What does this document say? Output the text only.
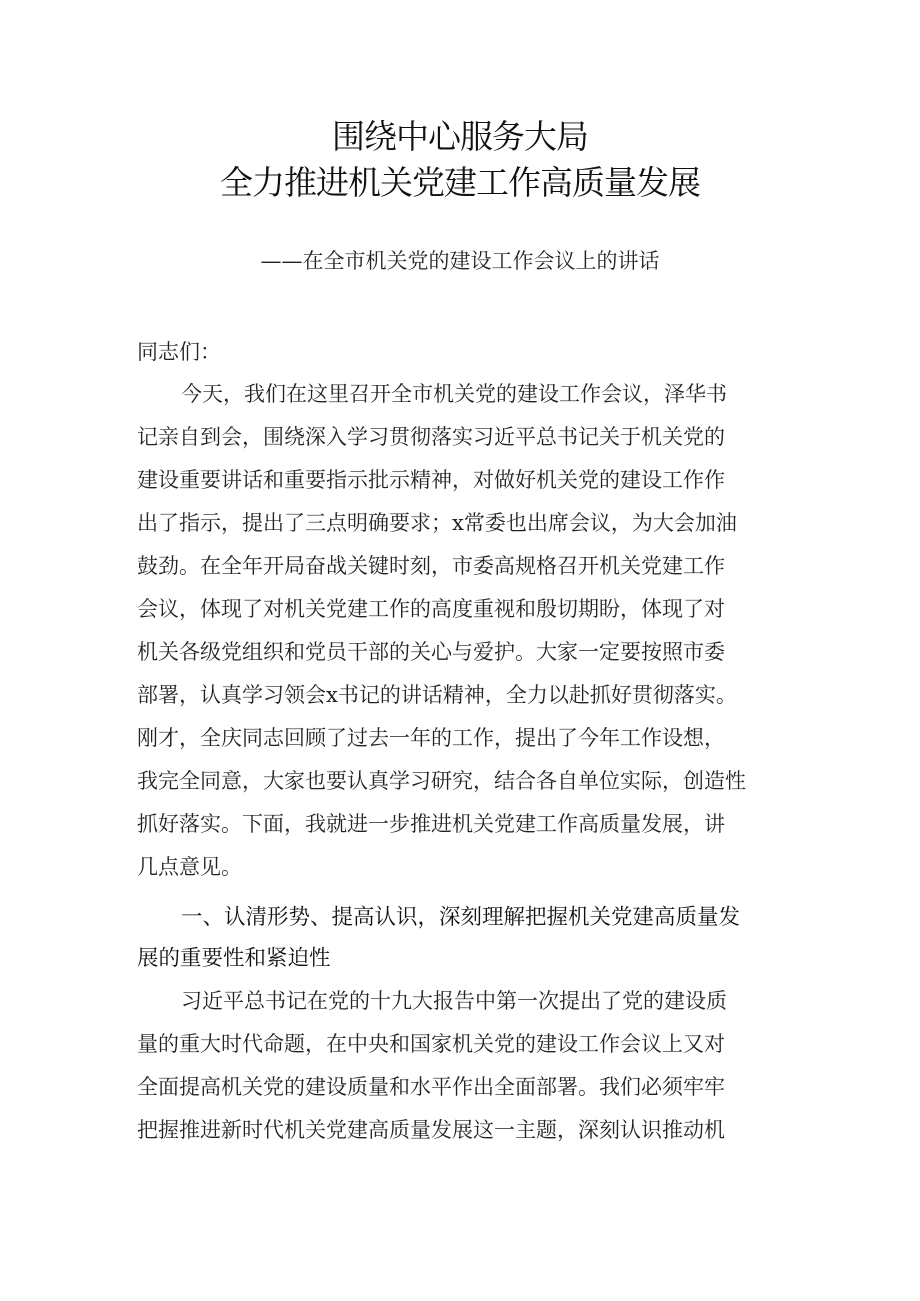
围绕中心服务大局
全力推进机关党建工作高质量发展
——在全市机关党的建设工作会议上的讲话
同志们：
今天，我们在这里召开全市机关党的建设工作会议，泽华书
记亲自到会，围绕深入学习贯彻落实习近平总书记关于机关党的
建设重要讲话和重要指示批示精神，对做好机关党的建设工作作
出了指示，提出了三点明确要求；x常委也出席会议，为大会加油
鼓劲。在全年开局奋战关键时刻，市委高规格召开机关党建工作
会议，体现了对机关党建工作的高度重视和殷切期盼，体现了对
机关各级党组织和党员干部的关心与爱护。大家一定要按照市委
部署，认真学习领会x书记的讲话精神，全力以赴抓好贯彻落实。
刚才，全庆同志回顾了过去一年的工作，提出了今年工作设想，
我完全同意，大家也要认真学习研究，结合各自单位实际，创造性
抓好落实。下面，我就进一步推进机关党建工作高质量发展，讲
几点意见。
一、认清形势、提高认识，深刻理解把握机关党建高质量发
展的重要性和紧迫性
习近平总书记在党的十九大报告中第一次提出了党的建设质
量的重大时代命题，在中央和国家机关党的建设工作会议上又对
全面提高机关党的建设质量和水平作出全面部署。我们必须牢牢
把握推进新时代机关党建高质量发展这一主题，深刻认识推动机
